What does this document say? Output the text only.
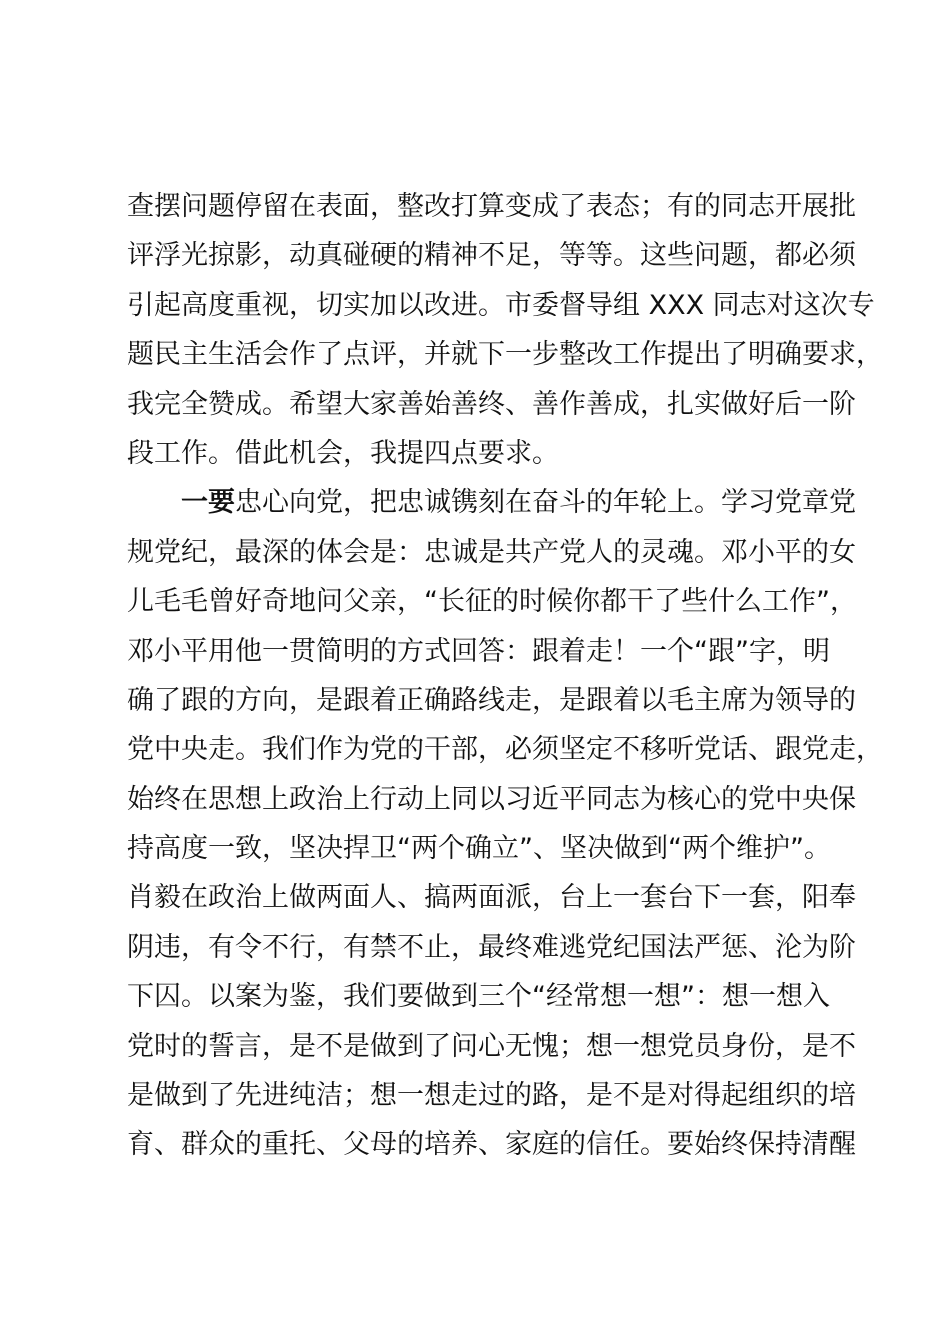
查摆问题停留在表面，整改打算变成了表态；有的同志开展批
评浮光掠影，动真碰硬的精神不足，等等。这些问题，都必须
引起高度重视，切实加以改进。市委督导组 XXX 同志对这次专
题民主生活会作了点评，并就下一步整改工作提出了明确要求，
我完全赞成。希望大家善始善终、善作善成，扎实做好后一阶
段工作。借此机会，我提四点要求。
一要忠心向党，把忠诚镌刻在奋斗的年轮上。学习党章党
规党纪，最深的体会是：忠诚是共产党人的灵魂。邓小平的女
儿毛毛曾好奇地问父亲，“长征的时候你都干了些什么工作”，
邓小平用他一贯简明的方式回答：跟着走！一个“跟”字，明
确了跟的方向，是跟着正确路线走，是跟着以毛主席为领导的
党中央走。我们作为党的干部，必须坚定不移听党话、跟党走，
始终在思想上政治上行动上同以习近平同志为核心的党中央保
持高度一致，坚决捍卫“两个确立”、坚决做到“两个维护”。
肖毅在政治上做两面人、搞两面派，台上一套台下一套，阳奉
阴违，有令不行，有禁不止，最终难逃党纪国法严惩、沦为阶
下囚。以案为鉴，我们要做到三个“经常想一想”：想一想入
党时的誓言，是不是做到了问心无愧；想一想党员身份，是不
是做到了先进纯洁；想一想走过的路，是不是对得起组织的培
育、群众的重托、父母的培养、家庭的信任。要始终保持清醒
